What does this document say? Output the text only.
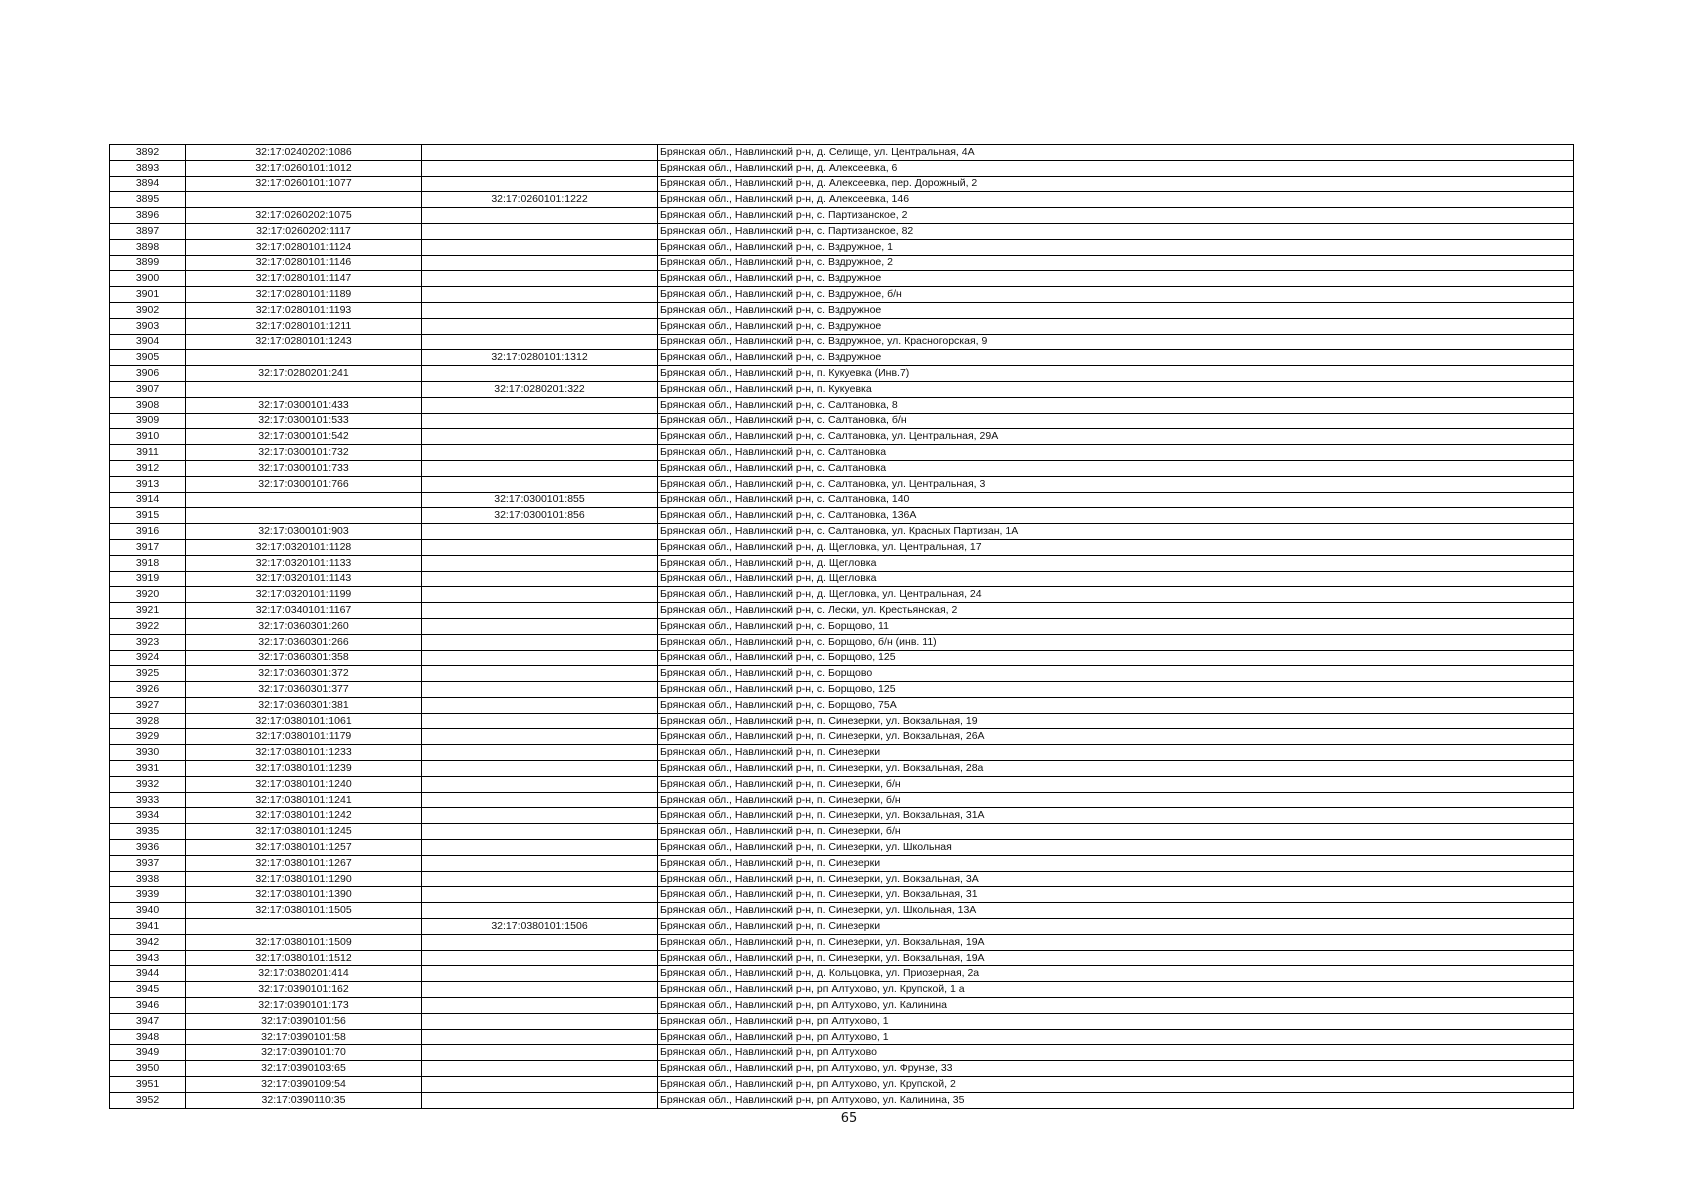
3892	32:17:0240202:1086		Брянская обл., Навлинский р-н, д. Селище, ул. Центральная, 4А
3893	32:17:0260101:1012		Брянская обл., Навлинский р-н, д. Алексеевка, 6
3894	32:17:0260101:1077		Брянская обл., Навлинский р-н, д. Алексеевка, пер. Дорожный, 2
3895		32:17:0260101:1222	Брянская обл., Навлинский р-н, д. Алексеевка, 146
3896	32:17:0260202:1075		Брянская обл., Навлинский р-н, с. Партизанское, 2
3897	32:17:0260202:1117		Брянская обл., Навлинский р-н, с. Партизанское, 82
3898	32:17:0280101:1124		Брянская обл., Навлинский р-н, с. Вздружное, 1
3899	32:17:0280101:1146		Брянская обл., Навлинский р-н, с. Вздружное, 2
3900	32:17:0280101:1147		Брянская обл., Навлинский р-н, с. Вздружное
3901	32:17:0280101:1189		Брянская обл., Навлинский р-н, с. Вздружное, б/н
3902	32:17:0280101:1193		Брянская обл., Навлинский р-н, с. Вздружное
3903	32:17:0280101:1211		Брянская обл., Навлинский р-н, с. Вздружное
3904	32:17:0280101:1243		Брянская обл., Навлинский р-н, с. Вздружное, ул. Красногорская, 9
3905		32:17:0280101:1312	Брянская обл., Навлинский р-н, с. Вздружное
3906	32:17:0280201:241		Брянская обл., Навлинский р-н, п. Кукуевка (Инв.7)
3907		32:17:0280201:322	Брянская обл., Навлинский р-н, п. Кукуевка
3908	32:17:0300101:433		Брянская обл., Навлинский р-н, с. Салтановка, 8
3909	32:17:0300101:533		Брянская обл., Навлинский р-н, с. Салтановка, б/н
3910	32:17:0300101:542		Брянская обл., Навлинский р-н, с. Салтановка, ул. Центральная, 29А
3911	32:17:0300101:732		Брянская обл., Навлинский р-н, с. Салтановка
3912	32:17:0300101:733		Брянская обл., Навлинский р-н, с. Салтановка
3913	32:17:0300101:766		Брянская обл., Навлинский р-н, с. Салтановка, ул. Центральная, 3
3914		32:17:0300101:855	Брянская обл., Навлинский р-н, с. Салтановка, 140
3915		32:17:0300101:856	Брянская обл., Навлинский р-н, с. Салтановка, 136А
3916	32:17:0300101:903		Брянская обл., Навлинский р-н, с. Салтановка, ул. Красных Партизан, 1А
3917	32:17:0320101:1128		Брянская обл., Навлинский р-н, д. Щегловка, ул. Центральная, 17
3918	32:17:0320101:1133		Брянская обл., Навлинский р-н, д. Щегловка
3919	32:17:0320101:1143		Брянская обл., Навлинский р-н, д. Щегловка
3920	32:17:0320101:1199		Брянская обл., Навлинский р-н, д. Щегловка, ул. Центральная, 24
3921	32:17:0340101:1167		Брянская обл., Навлинский р-н, с. Лески, ул. Крестьянская, 2
3922	32:17:0360301:260		Брянская обл., Навлинский р-н, с. Борщово, 11
3923	32:17:0360301:266		Брянская обл., Навлинский р-н, с. Борщово, б/н (инв. 11)
3924	32:17:0360301:358		Брянская обл., Навлинский р-н, с. Борщово, 125
3925	32:17:0360301:372		Брянская обл., Навлинский р-н, с. Борщово
3926	32:17:0360301:377		Брянская обл., Навлинский р-н, с. Борщово, 125
3927	32:17:0360301:381		Брянская обл., Навлинский р-н, с. Борщово, 75А
3928	32:17:0380101:1061		Брянская обл., Навлинский р-н, п. Синезерки, ул. Вокзальная, 19
3929	32:17:0380101:1179		Брянская обл., Навлинский р-н, п. Синезерки, ул. Вокзальная, 26А
3930	32:17:0380101:1233		Брянская обл., Навлинский р-н, п. Синезерки
3931	32:17:0380101:1239		Брянская обл., Навлинский р-н, п. Синезерки, ул. Вокзальная, 28а
3932	32:17:0380101:1240		Брянская обл., Навлинский р-н, п. Синезерки, б/н
3933	32:17:0380101:1241		Брянская обл., Навлинский р-н, п. Синезерки, б/н
3934	32:17:0380101:1242		Брянская обл., Навлинский р-н, п. Синезерки, ул. Вокзальная, 31А
3935	32:17:0380101:1245		Брянская обл., Навлинский р-н, п. Синезерки, б/н
3936	32:17:0380101:1257		Брянская обл., Навлинский р-н, п. Синезерки, ул. Школьная
3937	32:17:0380101:1267		Брянская обл., Навлинский р-н, п. Синезерки
3938	32:17:0380101:1290		Брянская обл., Навлинский р-н, п. Синезерки, ул. Вокзальная, 3А
3939	32:17:0380101:1390		Брянская обл., Навлинский р-н, п. Синезерки, ул. Вокзальная, 31
3940	32:17:0380101:1505		Брянская обл., Навлинский р-н, п. Синезерки, ул. Школьная, 13А
3941		32:17:0380101:1506	Брянская обл., Навлинский р-н, п. Синезерки
3942	32:17:0380101:1509		Брянская обл., Навлинский р-н, п. Синезерки, ул. Вокзальная, 19А
3943	32:17:0380101:1512		Брянская обл., Навлинский р-н, п. Синезерки, ул. Вокзальная, 19А
3944	32:17:0380201:414		Брянская обл., Навлинский р-н, д. Кольцовка, ул. Приозерная, 2а
3945	32:17:0390101:162		Брянская обл., Навлинский р-н, рп Алтухово, ул. Крупской, 1 а
3946	32:17:0390101:173		Брянская обл., Навлинский р-н, рп Алтухово, ул. Калинина
3947	32:17:0390101:56		Брянская обл., Навлинский р-н, рп Алтухово, 1
3948	32:17:0390101:58		Брянская обл., Навлинский р-н, рп Алтухово, 1
3949	32:17:0390101:70		Брянская обл., Навлинский р-н, рп Алтухово
3950	32:17:0390103:65		Брянская обл., Навлинский р-н, рп Алтухово, ул. Фрунзе, 33
3951	32:17:0390109:54		Брянская обл., Навлинский р-н, рп Алтухово, ул. Крупской, 2
3952	32:17:0390110:35		Брянская обл., Навлинский р-н, рп Алтухово, ул. Калинина, 35
65
